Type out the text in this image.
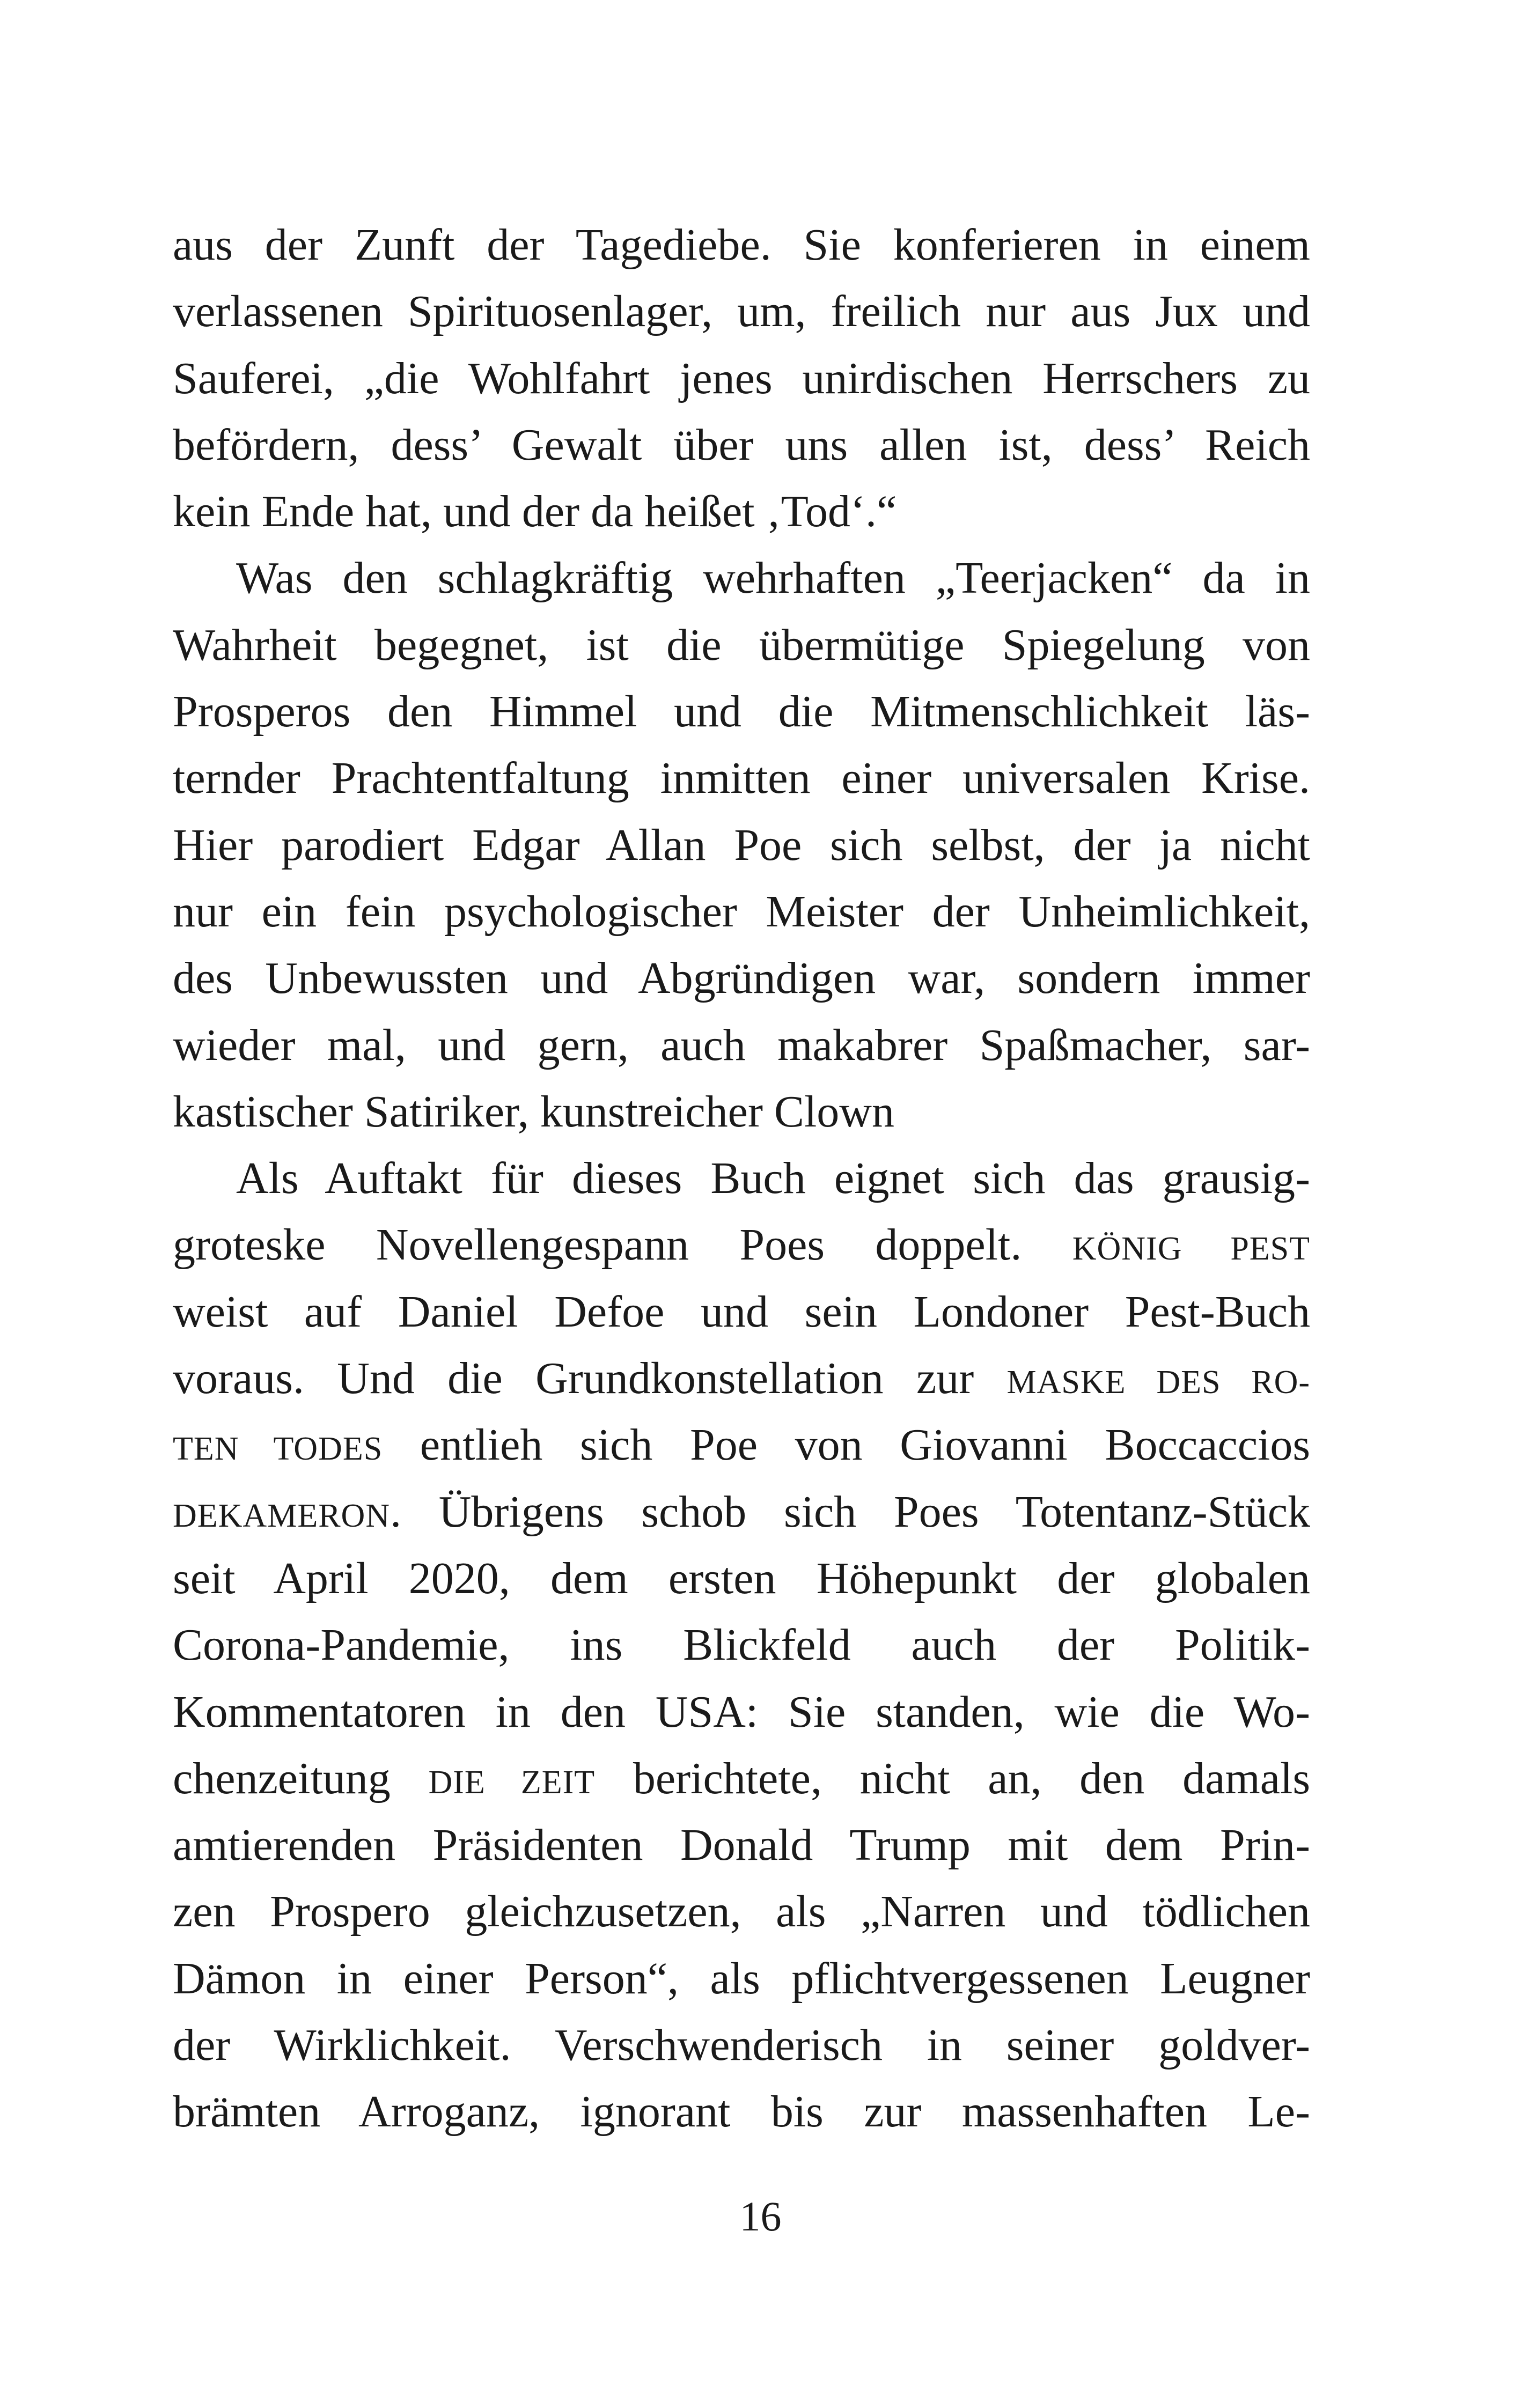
aus der Zunft der Tagediebe. Sie konferieren in einem
verlassenen Spirituosenlager, um, freilich nur aus Jux und
Sauferei, „die Wohlfahrt jenes unirdischen Herrschers zu
befördern, dess’ Gewalt über uns allen ist, dess’ Reich
kein Ende hat, und der da heißet ‚Tod‘.“
Was den schlagkräftig wehrhaften „Teerjacken“ da in
Wahrheit begegnet, ist die übermütige Spiegelung von
Prosperos den Himmel und die Mitmenschlichkeit läs-
ternder Prachtentfaltung inmitten einer universalen Krise.
Hier parodiert Edgar Allan Poe sich selbst, der ja nicht
nur ein fein psychologischer Meister der Unheimlichkeit,
des Unbewussten und Abgründigen war, sondern immer
wieder mal, und gern, auch makabrer Spaßmacher, sar-
kastischer Satiriker, kunstreicher Clown
Als Auftakt für dieses Buch eignet sich das grausig-
groteske Novellengespann Poes doppelt. KÖNIG PEST
weist auf Daniel Defoe und sein Londoner Pest-Buch
voraus. Und die Grundkonstellation zur MASKE DES RO-
TEN TODES entlieh sich Poe von Giovanni Boccaccios
DEKAMERON. Übrigens schob sich Poes Totentanz-Stück
seit April 2020, dem ersten Höhepunkt der globalen
Corona-Pandemie, ins Blickfeld auch der Politik-
Kommentatoren in den USA: Sie standen, wie die Wo-
chenzeitung DIE ZEIT berichtete, nicht an, den damals
amtierenden Präsidenten Donald Trump mit dem Prin-
zen Prospero gleichzusetzen, als „Narren und tödlichen
Dämon in einer Person“, als pflichtvergessenen Leugner
der Wirklichkeit. Verschwenderisch in seiner goldver-
brämten Arroganz, ignorant bis zur massenhaften Le-
16
